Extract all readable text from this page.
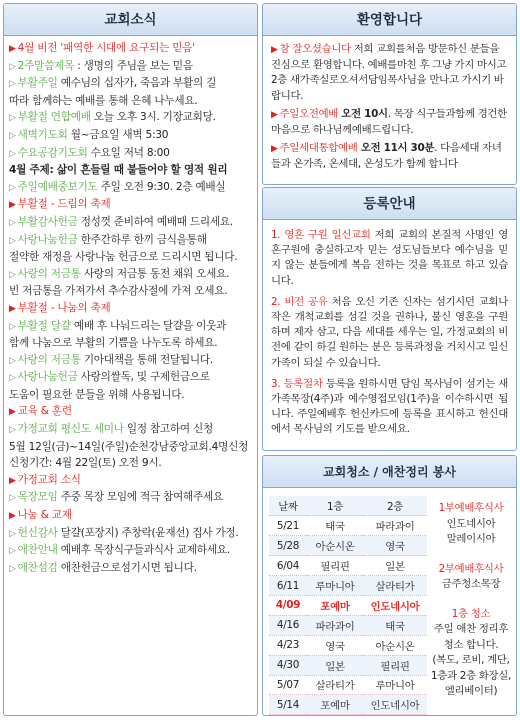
교회소식
▶ 4월 비전 '패역한 시대에 요구되는 믿음'
▷ 2주말씀제목 : 생명의 주님을 보는 믿음
▷ 부활주일 예수님의 십자가, 죽음과 부활의 길
따라 함께하는 예배를 통해 은혜 나누세요.
▷ 부활절 연합예배 오늘 오후 3시. 기장교회당.
▷ 새벽기도회 월~금요일 새벽 5:30
▷ 수요공감기도회 수요일 저녁 8:00
4월 주제: 삶이 흔들릴 때 붙들어야 할 영적 원리
▷ 주일예배중보기도 주일 오전 9:30. 2층 예배실
▶ 부활절 - 드림의 축제
▷ 부활감사헌금 정성껏 준비하여 예배때 드리세요.
▷ 사랑나눔헌금 한주간하루 한끼 금식을통해
절약한 재정을 사랑나눔 헌금으로 드리시면 됩니다.
▷ 사랑의 저금통 사랑의 저금통 동전 채워 오세요.
빈 저금통을 가져가서 추수감사절에 가져 오세요.
▶ 부활절 - 나눔의 축제
▷ 부활절 달걀 예배 후 나눠드리는 달걀을 이웃과
함께 나눔으로 부활의 기쁨을 나누도록 하세요.
▷ 사랑의 저금통 기아대책을 통해 전달됩니다.
▷ 사랑나눔헌금 사랑의쌀독, 및 구제헌금으로
도움이 필요한 분들을 위해 사용됩니다.
▶ 교육 & 훈련
▷ 가정교회 평신도 세미나 일정 참고하여 신청
5월 12일(금)~14일(주일)순천강남중앙교회.4명신청
신청기간: 4월 22일(토) 오전 9시.
▶ 가정교회 소식
▷ 목장모임 주중 목장 모임에 적극 참여해주세요
▶ 나눔 & 교제
▷ 헌신감사 달걀(포장지) 주창락(윤재선) 집사 가정.
▷ 애찬안내 예배후 목장식구들과식사 교제하세요.
▷ 애찬섬김 애찬헌금으로섬기시면 됩니다.
환영합니다

▶ 참 잘오셨습니다 저희 교회를처음 방문하신 분들을 진심으로 환영합니다. 예배를마친 후 그냥 가지 마시고 2층 새가족실로오셔서담임목사님을 만나고 가시기 바랍니다.

▶ 주일오전예배 오전 10시. 목장 식구들과함께 경건한 마음으로 하나님께예배드립니다.

▶ 주일세대통합예배 오전 11시 30분. 다음세대 자녀들과 온가족, 온세대, 온성도가 함께 합니다

등록안내

1. 영혼 구원 일신교회 저희 교회의 본질적 사명인 영혼구원에 충실하고자 믿는 성도님들보다 예수님을 믿지 않는 분들에게 복음 전하는 것을 목표로 하고 있습니다.

2. 비전 공유 처음 오신 기존 신자는 섬기시던 교회나 작은 개척교회를 섬길 것을 권하나, 불신 영혼을 구원하며 제자 삼고, 다음 세대를 세우는 일, 가정교회의 비전에 같이 하길 원하는 분은 등록과정을 거치시고 일신 가족이 되실 수 있습니다.

3. 등록절차 등록을 원하시면 담임 목사님이 섬기는 새가족목장(4주)과 예수영접모임(1주)을 이수하시면 됩니다. 주일예배후 헌신카드에 등록을 표시하고 헌신대에서 목사님의 기도를 받으세요.

교회청소 / 애찬정리 봉사
날짜	1층	2층
5/21	태국	파라과이
5/28	아순시온	영국
6/04	필리핀	일본
6/11	루마니아	살라티가
4/09	포예마	인도네시아
4/16	파라과이	태국
4/23	영국	아순시온
4/30	일본	필리핀
5/07	살라티가	루마니아
5/14	포예마	인도네시아
1부예배후식사
인도네시아
말레이시아
2부예배후식사
금주청소목장
1층 청소
주일 애찬 정리후
청소 합니다.
(복도, 로비, 계단,
1층과 2층 화장실,
엘리베이터)
